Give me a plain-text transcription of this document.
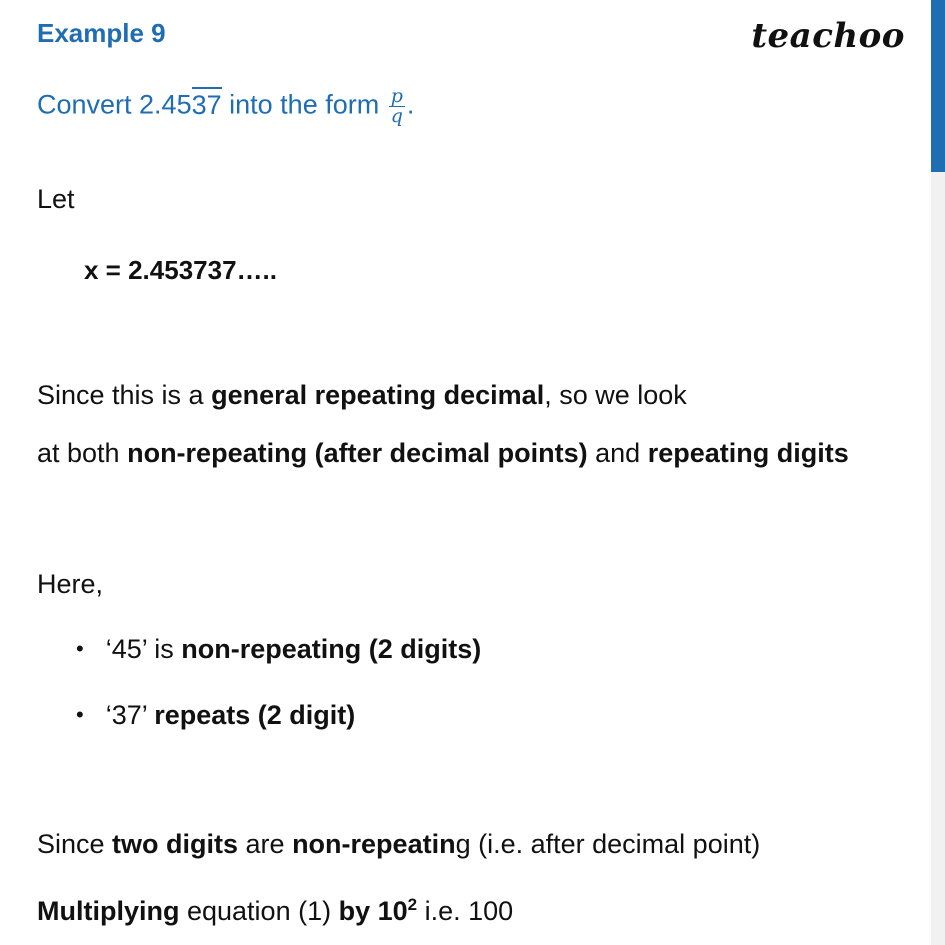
Example 9	teachoo
Convert 2.4537 into the form $\frac{p}{q}$ .
Let
x = 2.453737…..
Since this is a general repeating decimal, so we look
at both non-repeating (after decimal points) and repeating digits
Here,
• ‘45’ is non-repeating (2 digits)
• ‘37’ repeats (2 digit)
Since two digits are non-repeating (i.e. after decimal point)
Multiplying equation (1) by $10^2$ i.e. 100
